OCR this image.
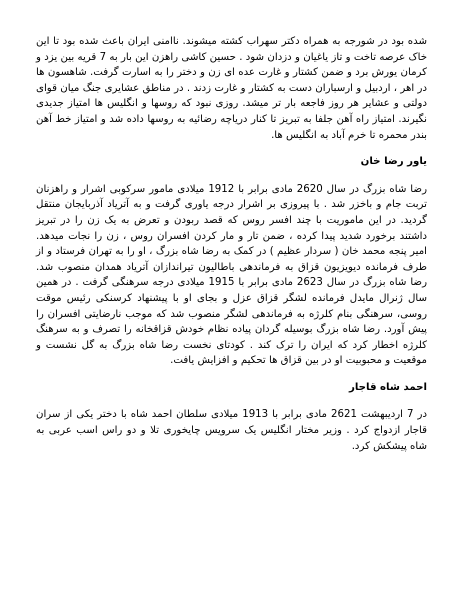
شده بود در شورجه به همراه دکتر سهراب کشته میشوند. ناامنی ایران باعث شده بود تا این خاک عرصه تاخت و تاز یاغیان و دزدان شود . حسین کاشی راهزن این بار به 7 قریه بین یزد و کرمان یورش برد و ضمن کشتار و غارت عده ای زن و دختر را به اسارت گرفت. شاهسون ها در اهر ، اردبیل و ارسباران دست به کشتار و غارت زدند . در مناطق عشایری جنگ میان قوای دولتی و عشایر هر روز فاجعه بار تر میشد. روزی نبود که روسها و انگلیس ها امتیاز جدیدی نگیرند. امتیاز راه آهن جلفا به تبریز تا کنار دریاچه رضائیه به روسها داده شد و امتیاز خط آهن بندر محمره تا خرم آباد به انگلیس ها.

یاور رضا خان

رضا شاه بزرگ در سال 2620 مادی برابر با 1912 میلادی مامور سرکوبی اشرار و راهزنان تربت جام و باخزر شد . با پیروزی بر اشرار درجه یاوری گرفت و به آتریاد آذربایجان منتقل گردید. در این ماموریت با چند افسر روس که قصد ربودن و تعرض به یک زن را در تبریز داشتند برخورد شدید پیدا کرده ، ضمن تار و مار کردن افسران روس ، زن را نجات میدهد. امیر پنجه محمد خان ( سردار عظیم ) در کمک به رضا شاه بزرگ ، او را به تهران فرستاد و از طرف فرمانده دیویزیون قزاق به فرماندهی باطالیون تیراندازان آتریاد همدان منصوب شد. رضا شاه بزرگ در سال 2623 مادی برابر با 1915 میلادی درجه سرهنگی گرفت . در همین سال ژنرال مایدل فرمانده لشگر قزاق عزل و بجای او با پیشنهاد کرسنکی رئیس موقت روسی، سرهنگی بنام کلرژه به فرماندهی لشگر منصوب شد که موجب نارضایتی افسران را پیش آورد. رضا شاه بزرگ بوسیله گردان پیاده نظام خودش قزاقخانه را تصرف و به سرهنگ کلرژه اخطار کرد که ایران را ترک کند . کودتای نخست رضا شاه بزرگ به گل نشست و موقعیت و محبوبیت او در بین قزاق ها تحکیم و افزایش یافت.

احمد شاه قاجار

در 7 اردیبهشت 2621 مادی برابر با 1913 میلادی سلطان احمد شاه با دختر یکی از سران قاجار ازدواج کرد . وزیر مختار انگلیس یک سرویس چایخوری تلا و دو راس اسب عربی به شاه پیشکش کرد.
